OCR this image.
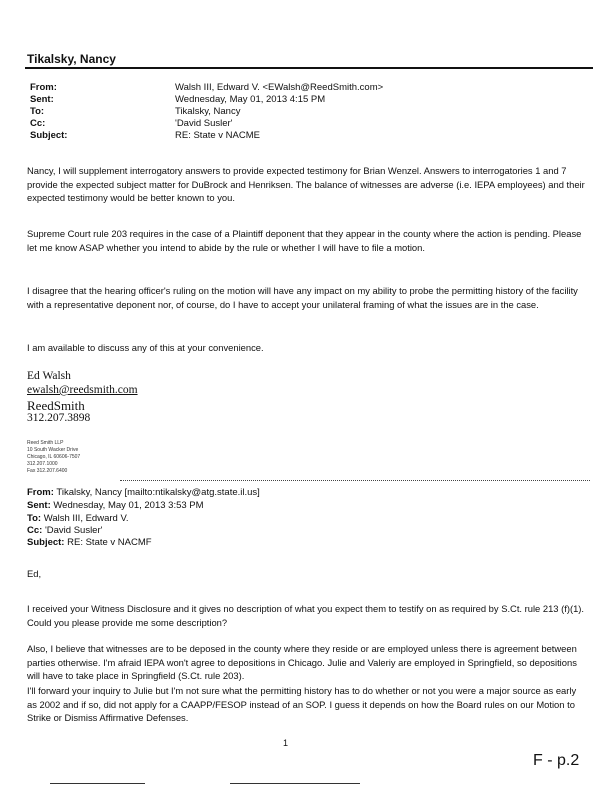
Tikalsky, Nancy
From:	Walsh III, Edward V. <EWalsh@ReedSmith.com>
Sent:	Wednesday, May 01, 2013 4:15 PM
To:	Tikalsky, Nancy
Cc:	'David Susler'
Subject:	RE: State v NACME
Nancy, I will supplement interrogatory answers to provide expected testimony for Brian Wenzel. Answers to interrogatories 1 and 7 provide the expected subject matter for DuBrock and Henriksen. The balance of witnesses are adverse (i.e. IEPA employees) and their expected testimony would be better known to you.
Supreme Court rule 203 requires in the case of a Plaintiff deponent that they appear in the county where the action is pending. Please let me know ASAP whether you intend to abide by the rule or whether I will have to file a motion.
I disagree that the hearing officer's ruling on the motion will have any impact on my ability to probe the permitting history of the facility with a representative deponent nor, of course, do I have to accept your unilateral framing of what the issues are in the case.
I am available to discuss any of this at your convenience.
Ed Walsh
ewalsh@reedsmith.com
ReedSmith
312.207.3898
Reed Smith LLP
10 South Wacker Drive
Chicago, IL 60606-7507
312.207.1000
Fax 312.207.6400
From: Tikalsky, Nancy [mailto:ntikalsky@atg.state.il.us]
Sent: Wednesday, May 01, 2013 3:53 PM
To: Walsh III, Edward V.
Cc: 'David Susler'
Subject: RE: State v NACMF
Ed,
I received your Witness Disclosure and it gives no description of what you expect them to testify on as required by S.Ct. rule 213 (f)(1). Could you please provide me some description?
Also, I believe that witnesses are to be deposed in the county where they reside or are employed unless there is agreement between parties otherwise. I'm afraid IEPA won't agree to depositions in Chicago. Julie and Valeriy are employed in Springfield, so depositions will have to take place in Springfield (S.Ct. rule 203).
I'll forward your inquiry to Julie but I'm not sure what the permitting history has to do whether or not you were a major source as early as 2002 and if so, did not apply for a CAAPP/FESOP instead of an SOP. I guess it depends on how the Board rules on our Motion to Strike or Dismiss Affirmative Defenses.
1
F - p.2
